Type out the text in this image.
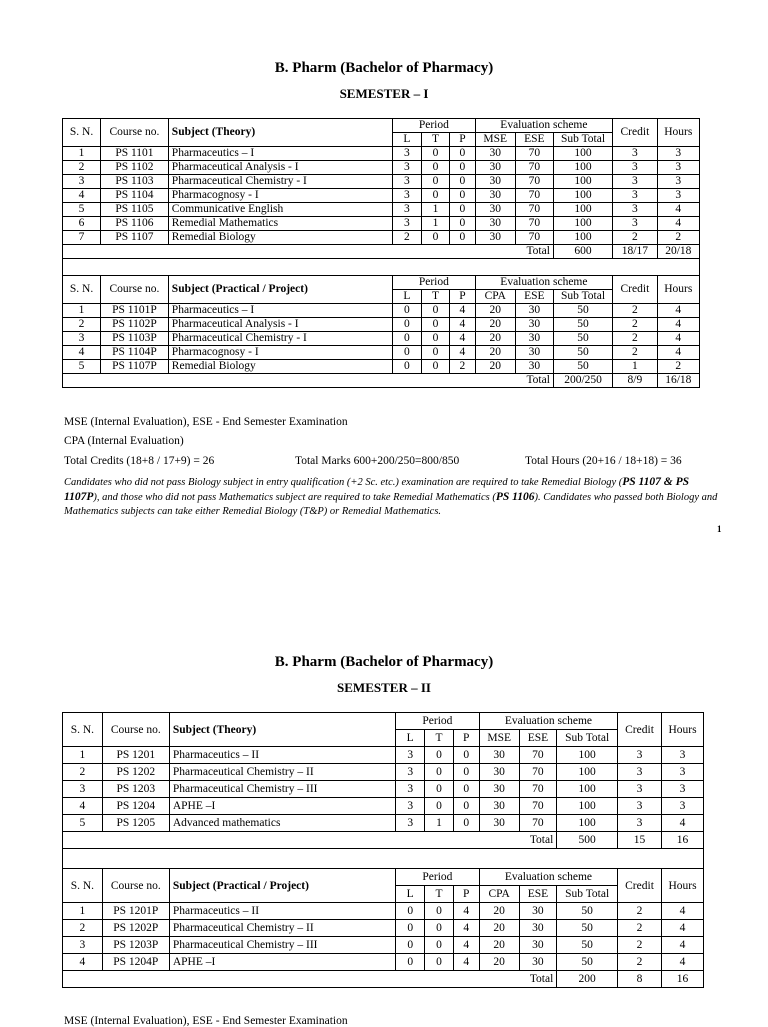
B. Pharm (Bachelor of Pharmacy)
SEMESTER – I
S. N.	Course no.	Subject (Theory)	Period			Evaluation scheme			Credit	Hours
			L	T	P	MSE	ESE	Sub Total		
1	PS 1101	Pharmaceutics – I	3	0	0	30	70	100	3	3
2	PS 1102	Pharmaceutical Analysis - I	3	0	0	30	70	100	3	3
3	PS 1103	Pharmaceutical Chemistry - I	3	0	0	30	70	100	3	3
4	PS 1104	Pharmacognosy - I	3	0	0	30	70	100	3	3
5	PS 1105	Communicative English	3	1	0	30	70	100	3	4
6	PS 1106	Remedial Mathematics	3	1	0	30	70	100	3	4
7	PS 1107	Remedial Biology	2	0	0	30	70	100	2	2
Total								600	18/17	20/18

S. N.	Course no.	Subject (Practical / Project)	Period			Evaluation scheme			Credit	Hours
			L	T	P	CPA	ESE	Sub Total		
1	PS 1101P	Pharmaceutics – I	0	0	4	20	30	50	2	4
2	PS 1102P	Pharmaceutical Analysis - I	0	0	4	20	30	50	2	4
3	PS 1103P	Pharmaceutical Chemistry - I	0	0	4	20	30	50	2	4
4	PS 1104P	Pharmacognosy - I	0	0	4	20	30	50	2	4
5	PS 1107P	Remedial Biology	0	0	2	20	30	50	1	2
Total								200/250	8/9	16/18
MSE (Internal Evaluation), ESE - End Semester Examination
CPA (Internal Evaluation)
Total Credits (18+8 / 17+9) = 26	Total Marks 600+200/250=800/850	Total Hours (20+16 / 18+18) = 36
Candidates who did not pass Biology subject in entry qualification (+2 Sc. etc.) examination are required to take Remedial Biology (PS 1107 & PS 1107P), and those who did not pass Mathematics subject are required to take Remedial Mathematics (PS 1106). Candidates who passed both Biology and Mathematics subjects can take either Remedial Biology (T&P) or Remedial Mathematics.
1
B. Pharm (Bachelor of Pharmacy)
SEMESTER – II
S. N.	Course no.	Subject (Theory)	Period			Evaluation scheme			Credit	Hours
			L	T	P	MSE	ESE	Sub Total		
1	PS 1201	Pharmaceutics – II	3	0	0	30	70	100	3	3
2	PS 1202	Pharmaceutical Chemistry – II	3	0	0	30	70	100	3	3
3	PS 1203	Pharmaceutical Chemistry – III	3	0	0	30	70	100	3	3
4	PS 1204	APHE –I	3	0	0	30	70	100	3	3
5	PS 1205	Advanced mathematics	3	1	0	30	70	100	3	4
Total								500	15	16

S. N.	Course no.	Subject (Practical / Project)	Period			Evaluation scheme			Credit	Hours
			L	T	P	CPA	ESE	Sub Total		
1	PS 1201P	Pharmaceutics – II	0	0	4	20	30	50	2	4
2	PS 1202P	Pharmaceutical Chemistry – II	0	0	4	20	30	50	2	4
3	PS 1203P	Pharmaceutical Chemistry – III	0	0	4	20	30	50	2	4
4	PS 1204P	APHE –I	0	0	4	20	30	50	2	4
Total								200	8	16
MSE (Internal Evaluation), ESE - End Semester Examination
